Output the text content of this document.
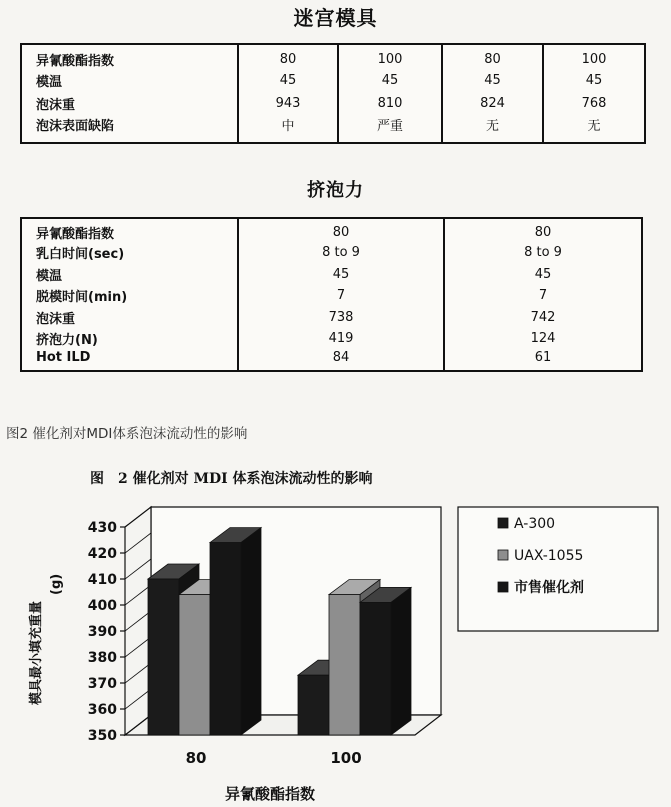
迷宫模具
异氰酸酯指数	80	100	80	100
模温	45	45	45	45
泡沫重	943	810	824	768
泡沫表面缺陷	中	严重	无	无
挤泡力
异氰酸酯指数	80	80
乳白时间(sec)	8 to 9	8 to 9
模温	45	45
脱模时间(min)	7	7
泡沫重	738	742
挤泡力(N)	419	124
Hot ILD	84	61
图2 催化剂对MDI体系泡沫流动性的影响
图　2 催化剂对 MDI 体系泡沫流动性的影响
350
360
370
380
390
400
410
420
430
80	100
模具最小填充重量
(g)
异氰酸酯指数
A-300
UAX-1055
市售催化剂
